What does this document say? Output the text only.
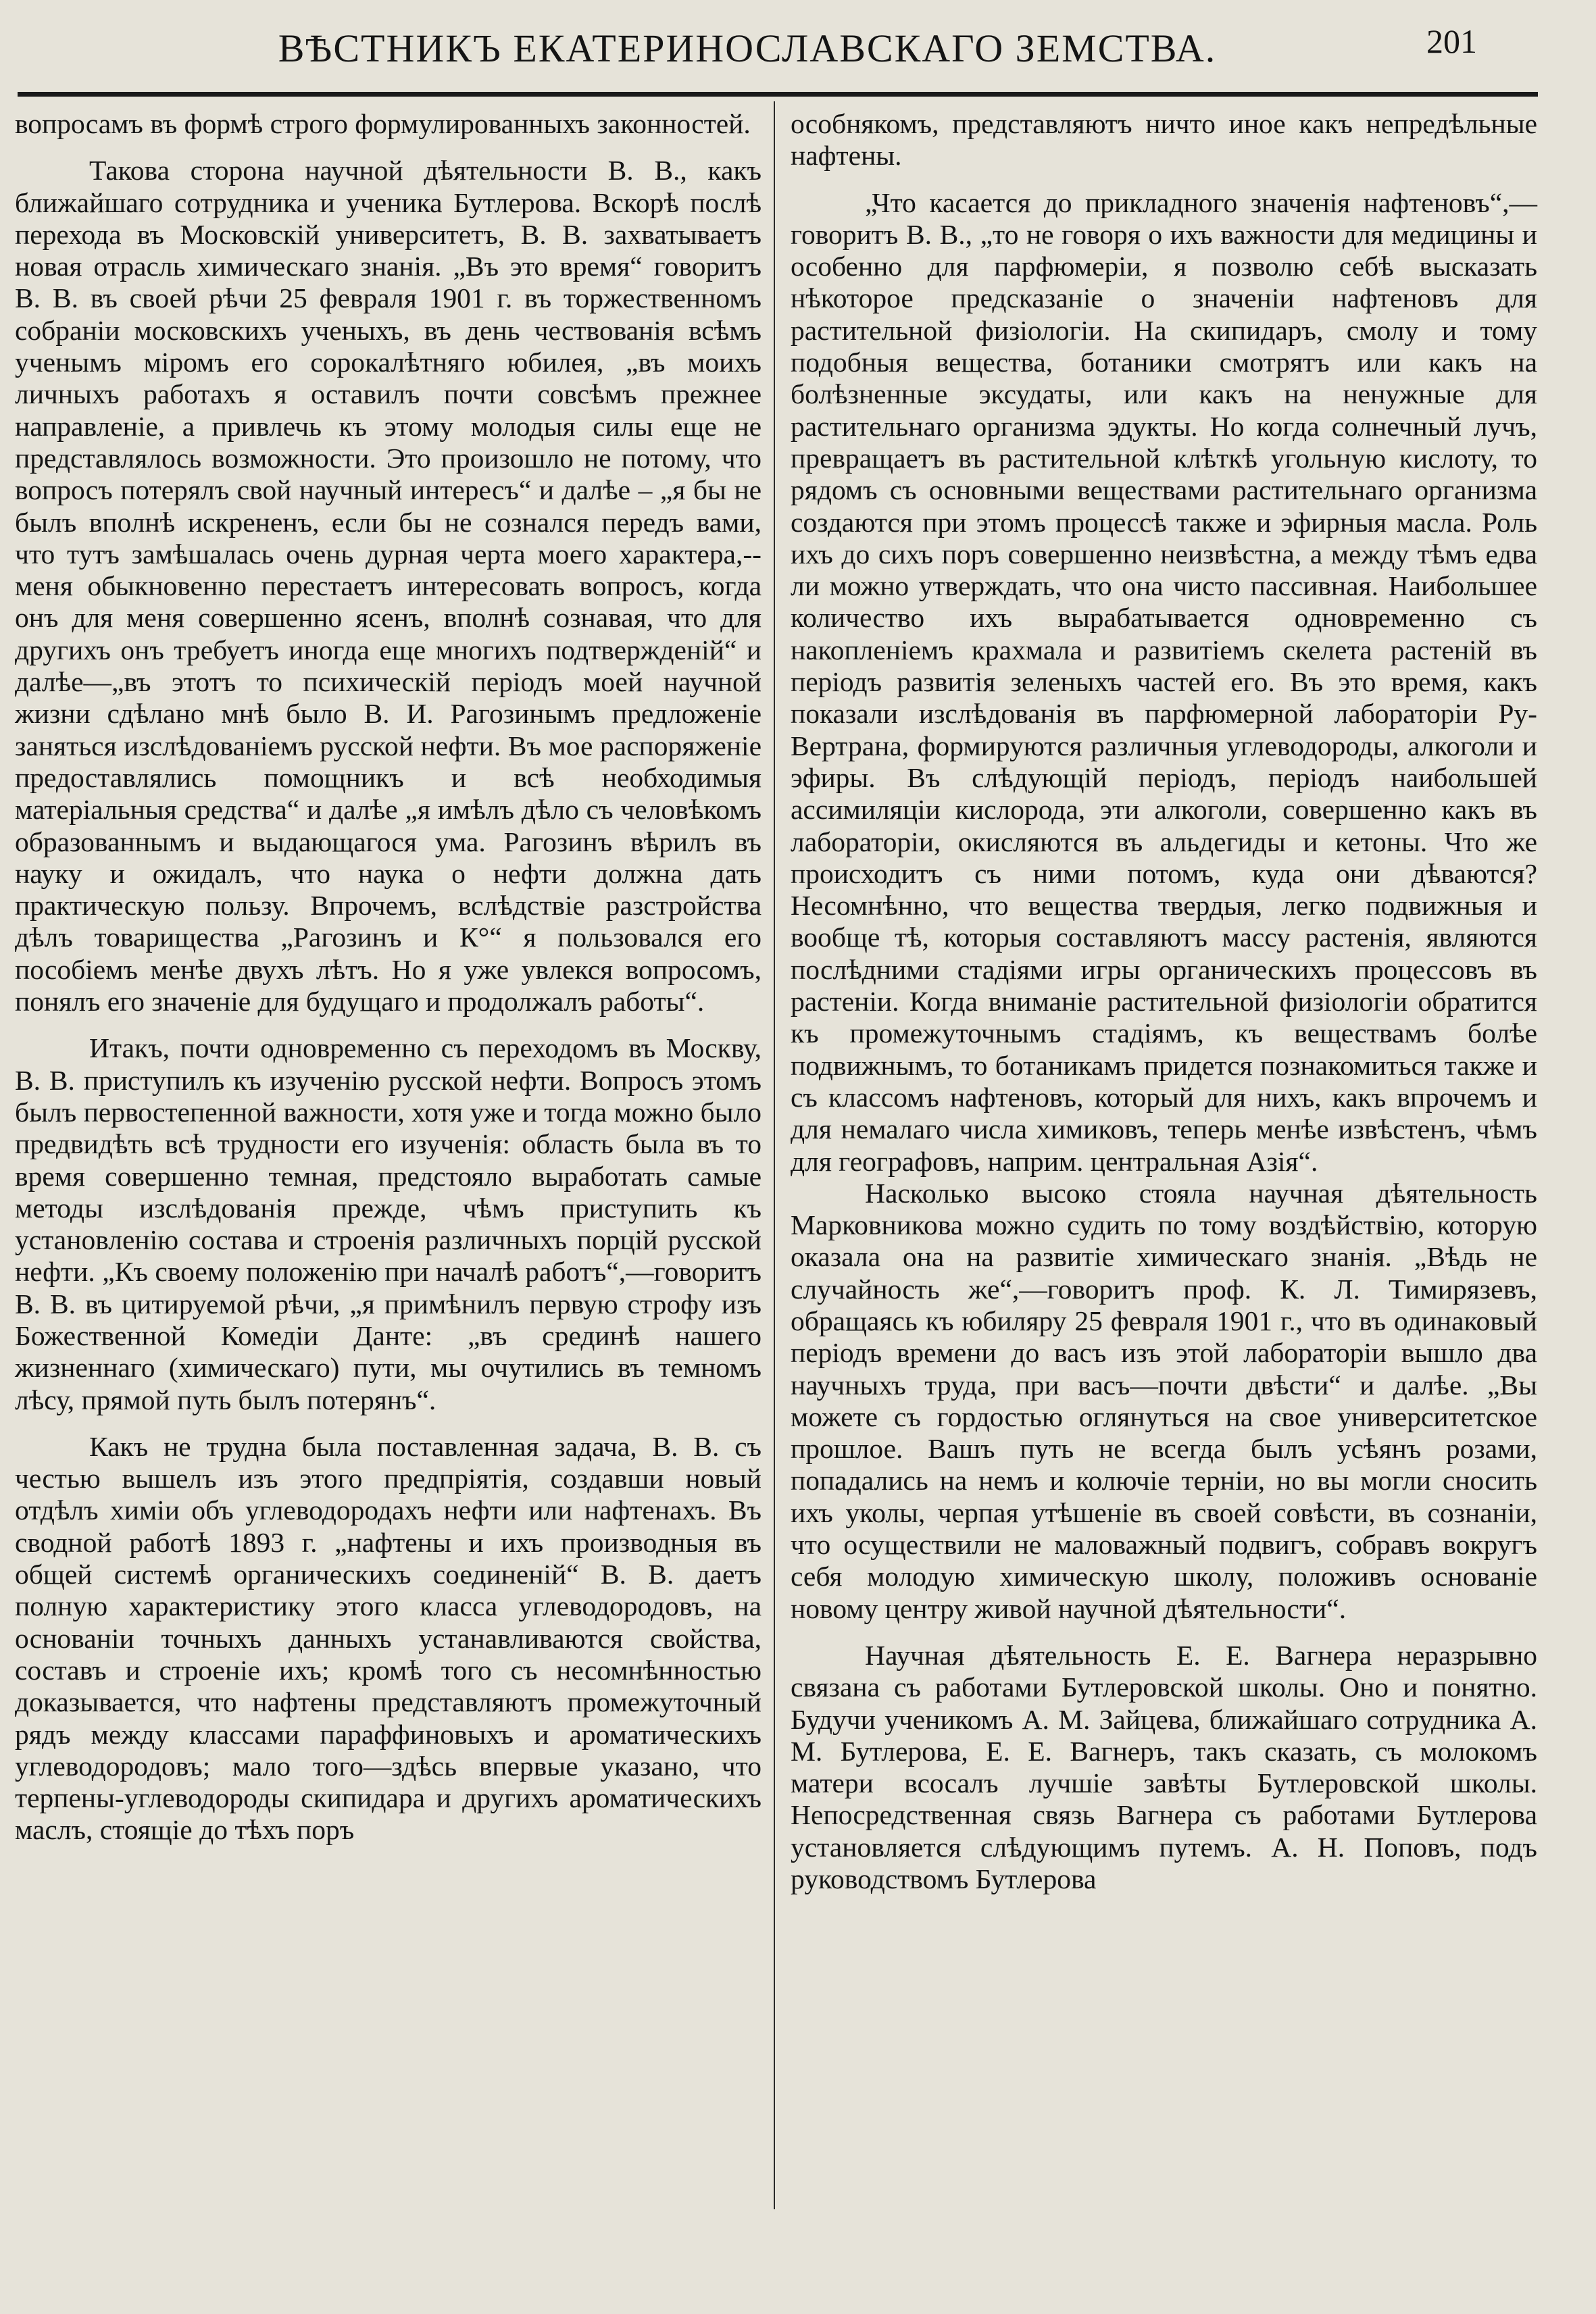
ВѢСТНИКЪ ЕКАТЕРИНОСЛАВСКАГО ЗЕМСТВА.	201

вопросамъ въ формѣ строго формулированныхъ законностей.

Такова сторона научной дѣятельности В. В., какъ ближайшаго сотрудника и ученика Бутлерова. Вскорѣ послѣ перехода въ Московскій университетъ, В. В. захватываетъ новая отрасль химическаго знанія. „Въ это время“ говоритъ В. В. въ своей рѣчи 25 февраля 1901 г. въ торжественномъ собраніи московскихъ ученыхъ, въ день чествованія всѣмъ ученымъ міромъ его сорокалѣтняго юбилея, „въ моихъ личныхъ работахъ я оставилъ почти совсѣмъ прежнее направленіе, а привлечь къ этому молодыя силы еще не представлялось возможности. Это произошло не потому, что вопросъ потерялъ свой научный интересъ“ и далѣе – „я бы не былъ вполнѣ искрененъ, если бы не сознался передъ вами, что тутъ замѣшалась очень дурная черта моего характера,--меня обыкновенно перестаетъ интересовать вопросъ, когда онъ для меня совершенно ясенъ, вполнѣ сознавая, что для другихъ онъ требуетъ иногда еще многихъ подтвержденій“ и далѣе—„въ этотъ то психическій періодъ моей научной жизни сдѣлано мнѣ было В. И. Рагозинымъ предложеніе заняться изслѣдованіемъ русской нефти. Въ мое распоряженіе предоставлялись помощникъ и всѣ необходимыя матеріальныя средства“ и далѣе „я имѣлъ дѣло съ человѣкомъ образованнымъ и выдающагося ума. Рагозинъ вѣрилъ въ науку и ожидалъ, что наука о нефти должна дать практическую пользу. Впрочемъ, вслѣдствіе разстройства дѣлъ товарищества „Рагозинъ и К°“ я пользовался его пособіемъ менѣе двухъ лѣтъ. Но я уже увлекся вопросомъ, понялъ его значеніе для будущаго и продолжалъ работы“.

Итакъ, почти одновременно съ переходомъ въ Москву, В. В. приступилъ къ изученію русской нефти. Вопросъ этомъ былъ первостепенной важности, хотя уже и тогда можно было предвидѣть всѣ трудности его изученія: область была въ то время совершенно темная, предстояло выработать самые методы изслѣдованія прежде, чѣмъ приступить къ установленію состава и строенія различныхъ порцій русской нефти. „Къ своему положенію при началѣ работъ“,—говоритъ В. В. въ цитируемой рѣчи, „я примѣнилъ первую строфу изъ Божественной Комедіи Данте: „въ срединѣ нашего жизненнаго (химическаго) пути, мы очутились въ темномъ лѣсу, прямой путь былъ потерянъ“.

Какъ не трудна была поставленная задача, В. В. съ честью вышелъ изъ этого предпріятія, создавши новый отдѣлъ химіи объ углеводородахъ нефти или нафтенахъ. Въ сводной работѣ 1893 г. „нафтены и ихъ производныя въ общей системѣ органическихъ соединеній“ В. В. даетъ полную характеристику этого класса углеводородовъ, на основаніи точныхъ данныхъ устанавливаются свойства, составъ и строеніе ихъ; кромѣ того съ несомнѣнностью доказывается, что нафтены представляютъ промежуточный рядъ между классами параффиновыхъ и ароматическихъ углеводородовъ; мало того—здѣсь впервые указано, что терпены-углеводороды скипидара и другихъ ароматическихъ маслъ, стоящіе до тѣхъ поръ

особнякомъ, представляютъ ничто иное какъ непредѣльные нафтены.

„Что касается до прикладного значенія нафтеновъ“,—говоритъ В. В., „то не говоря о ихъ важности для медицины и особенно для парфюмеріи, я позволю себѣ высказать нѣкоторое предсказаніе о значеніи нафтеновъ для растительной физіологіи. На скипидаръ, смолу и тому подобныя вещества, ботаники смотрятъ или какъ на болѣзненные эксудаты, или какъ на ненужные для растительнаго организма эдукты. Но когда солнечный лучъ, превращаетъ въ растительной клѣткѣ угольную кислоту, то рядомъ съ основными веществами растительнаго организма создаются при этомъ процессѣ также и эфирныя масла. Роль ихъ до сихъ поръ совершенно неизвѣстна, а между тѣмъ едва ли можно утверждать, что она чисто пассивная. Наибольшее количество ихъ вырабатывается одновременно съ накопленіемъ крахмала и развитіемъ скелета растеній въ періодъ развитія зеленыхъ частей его. Въ это время, какъ показали изслѣдованія въ парфюмерной лабораторіи Ру-Вертрана, формируются различныя углеводороды, алкоголи и эфиры. Въ слѣдующій періодъ, періодъ наибольшей ассимиляціи кислорода, эти алкоголи, совершенно какъ въ лабораторіи, окисляются въ альдегиды и кетоны. Что же происходитъ съ ними потомъ, куда они дѣваются? Несомнѣнно, что вещества твердыя, легко подвижныя и вообще тѣ, которыя составляютъ массу растенія, являются послѣдними стадіями игры органическихъ процессовъ въ растеніи. Когда вниманіе растительной физіологіи обратится къ промежуточнымъ стадіямъ, къ веществамъ болѣе подвижнымъ, то ботаникамъ придется познакомиться также и съ классомъ нафтеновъ, который для нихъ, какъ впрочемъ и для немалаго числа химиковъ, теперь менѣе извѣстенъ, чѣмъ для географовъ, наприм. центральная Азія“.

Насколько высоко стояла научная дѣятельность Марковникова можно судить по тому воздѣйствію, которую оказала она на развитіе химическаго знанія. „Вѣдь не случайность же“,—говоритъ проф. К. Л. Тимирязевъ, обращаясь къ юбиляру 25 февраля 1901 г., что въ одинаковый періодъ времени до васъ изъ этой лабораторіи вышло два научныхъ труда, при васъ—почти двѣсти“ и далѣе. „Вы можете съ гордостью оглянуться на свое университетское прошлое. Вашъ путь не всегда былъ усѣянъ розами, попадались на немъ и колючіе терніи, но вы могли сносить ихъ уколы, черпая утѣшеніе въ своей совѣсти, въ сознаніи, что осуществили не маловажный подвигъ, собравъ вокругъ себя молодую химическую школу, положивъ основаніе новому центру живой научной дѣятельности“.

Научная дѣятельность Е. Е. Вагнера неразрывно связана съ работами Бутлеровской школы. Оно и понятно. Будучи ученикомъ А. М. Зайцева, ближайшаго сотрудника А. М. Бутлерова, Е. Е. Вагнеръ, такъ сказать, съ молокомъ матери всосалъ лучшіе завѣты Бутлеровской школы. Непосредственная связь Вагнера съ работами Бутлерова установляется слѣдующимъ путемъ. А. Н. Поповъ, подъ руководствомъ Бутлерова
